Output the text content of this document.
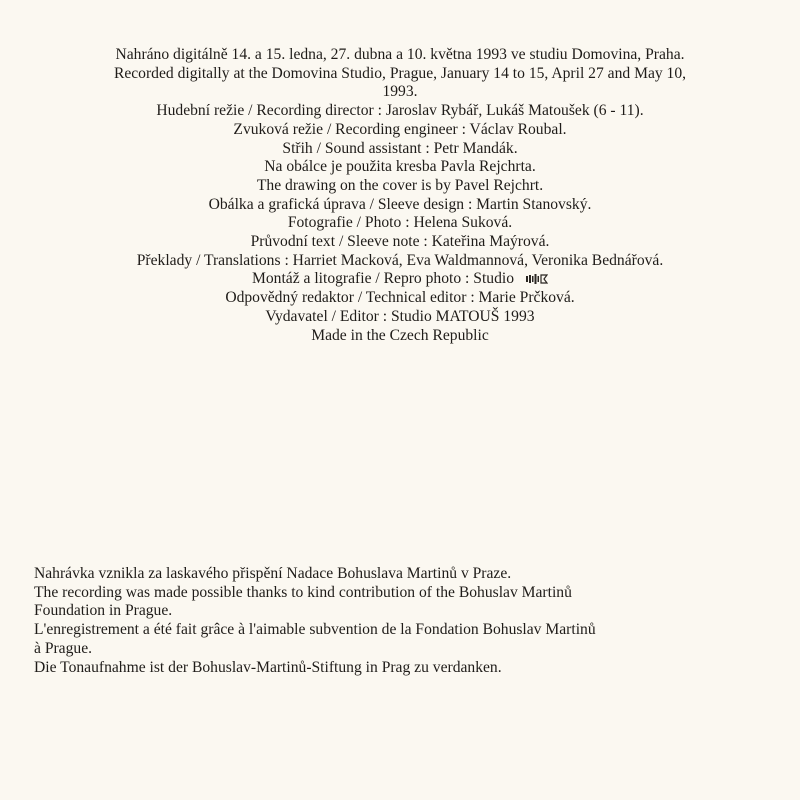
Nahráno digitálně 14. a 15. ledna, 27. dubna a 10. května 1993 ve studiu Domovina, Praha.
Recorded digitally at the Domovina Studio, Prague, January 14 to 15, April 27 and May 10,
1993.
Hudební režie / Recording director : Jaroslav Rybář, Lukáš Matoušek (6 - 11).
Zvuková režie / Recording engineer : Václav Roubal.
Střih / Sound assistant : Petr Mandák.
Na obálce je použita kresba Pavla Rejchrta.
The drawing on the cover is by Pavel Rejchrt.
Obálka a grafická úprava / Sleeve design : Martin Stanovský.
Fotografie / Photo : Helena Suková.
Průvodní text / Sleeve note : Kateřina Maýrová.
Překlady / Translations : Harriet Macková, Eva Waldmannová, Veronika Bednářová.
Montáž a litografie / Repro photo : Studio
Odpovědný redaktor / Technical editor : Marie Prčková.
Vydavatel / Editor : Studio MATOUŠ 1993
Made in the Czech Republic
Nahrávka vznikla za laskavého přispění Nadace Bohuslava Martinů v Praze.
The recording was made possible thanks to kind contribution of the Bohuslav Martinů
Foundation in Prague.
L'enregistrement a été fait grâce à l'aimable subvention de la Fondation Bohuslav Martinů
à Prague.
Die Tonaufnahme ist der Bohuslav-Martinů-Stiftung in Prag zu verdanken.
